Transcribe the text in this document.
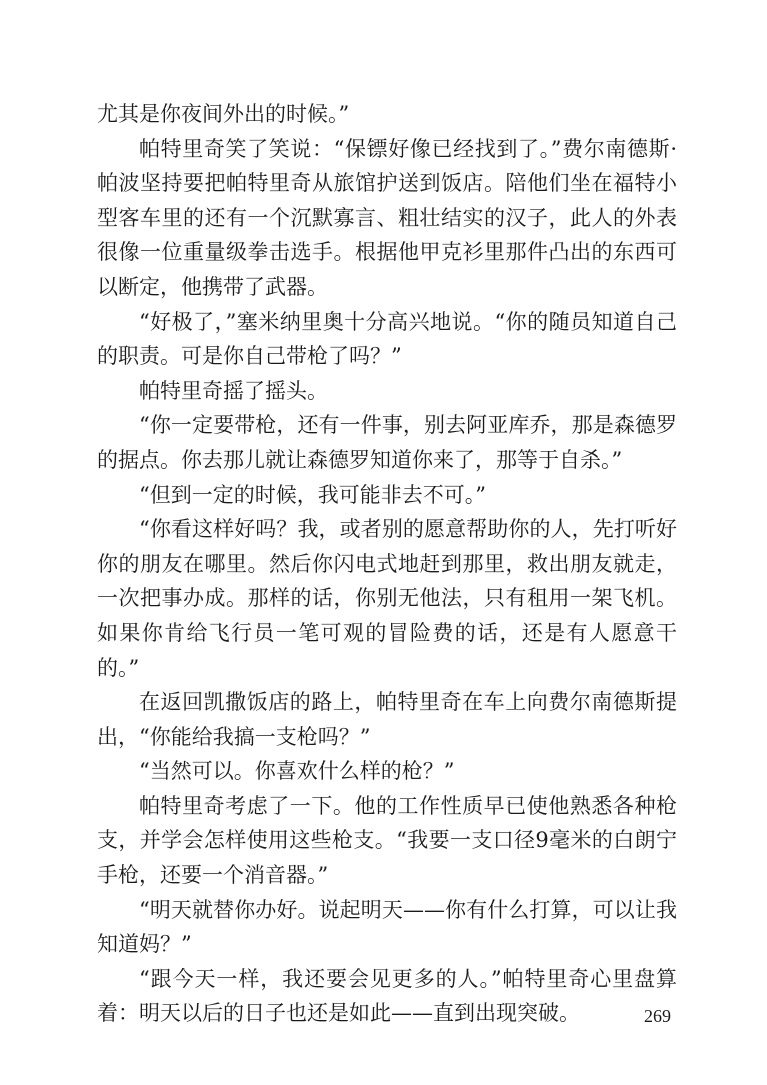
尤其是你夜间外出的时候。”

帕特里奇笑了笑说：“保镖好像已经找到了。”费尔南德斯·帕波坚持要把帕特里奇从旅馆护送到饭店。陪他们坐在福特小型客车里的还有一个沉默寡言、粗壮结实的汉子，此人的外表很像一位重量级拳击选手。根据他甲克衫里那件凸出的东西可以断定，他携带了武器。

“好极了，”塞米纳里奥十分高兴地说。“你的随员知道自己的职责。可是你自己带枪了吗？”

帕特里奇摇了摇头。

“你一定要带枪，还有一件事，别去阿亚库乔，那是森德罗的据点。你去那儿就让森德罗知道你来了，那等于自杀。”

“但到一定的时候，我可能非去不可。”

“你看这样好吗？我，或者别的愿意帮助你的人，先打听好你的朋友在哪里。然后你闪电式地赶到那里，救出朋友就走，一次把事办成。那样的话，你别无他法，只有租用一架飞机。如果你肯给飞行员一笔可观的冒险费的话，还是有人愿意干的。”

在返回凯撒饭店的路上，帕特里奇在车上向费尔南德斯提出，“你能给我搞一支枪吗？”

“当然可以。你喜欢什么样的枪？”

帕特里奇考虑了一下。他的工作性质早已使他熟悉各种枪支，并学会怎样使用这些枪支。“我要一支口径9毫米的白朗宁手枪，还要一个消音器。”

“明天就替你办好。说起明天——你有什么打算，可以让我知道妈？”

“跟今天一样，我还要会见更多的人。”帕特里奇心里盘算着：明天以后的日子也还是如此——直到出现突破。	269
